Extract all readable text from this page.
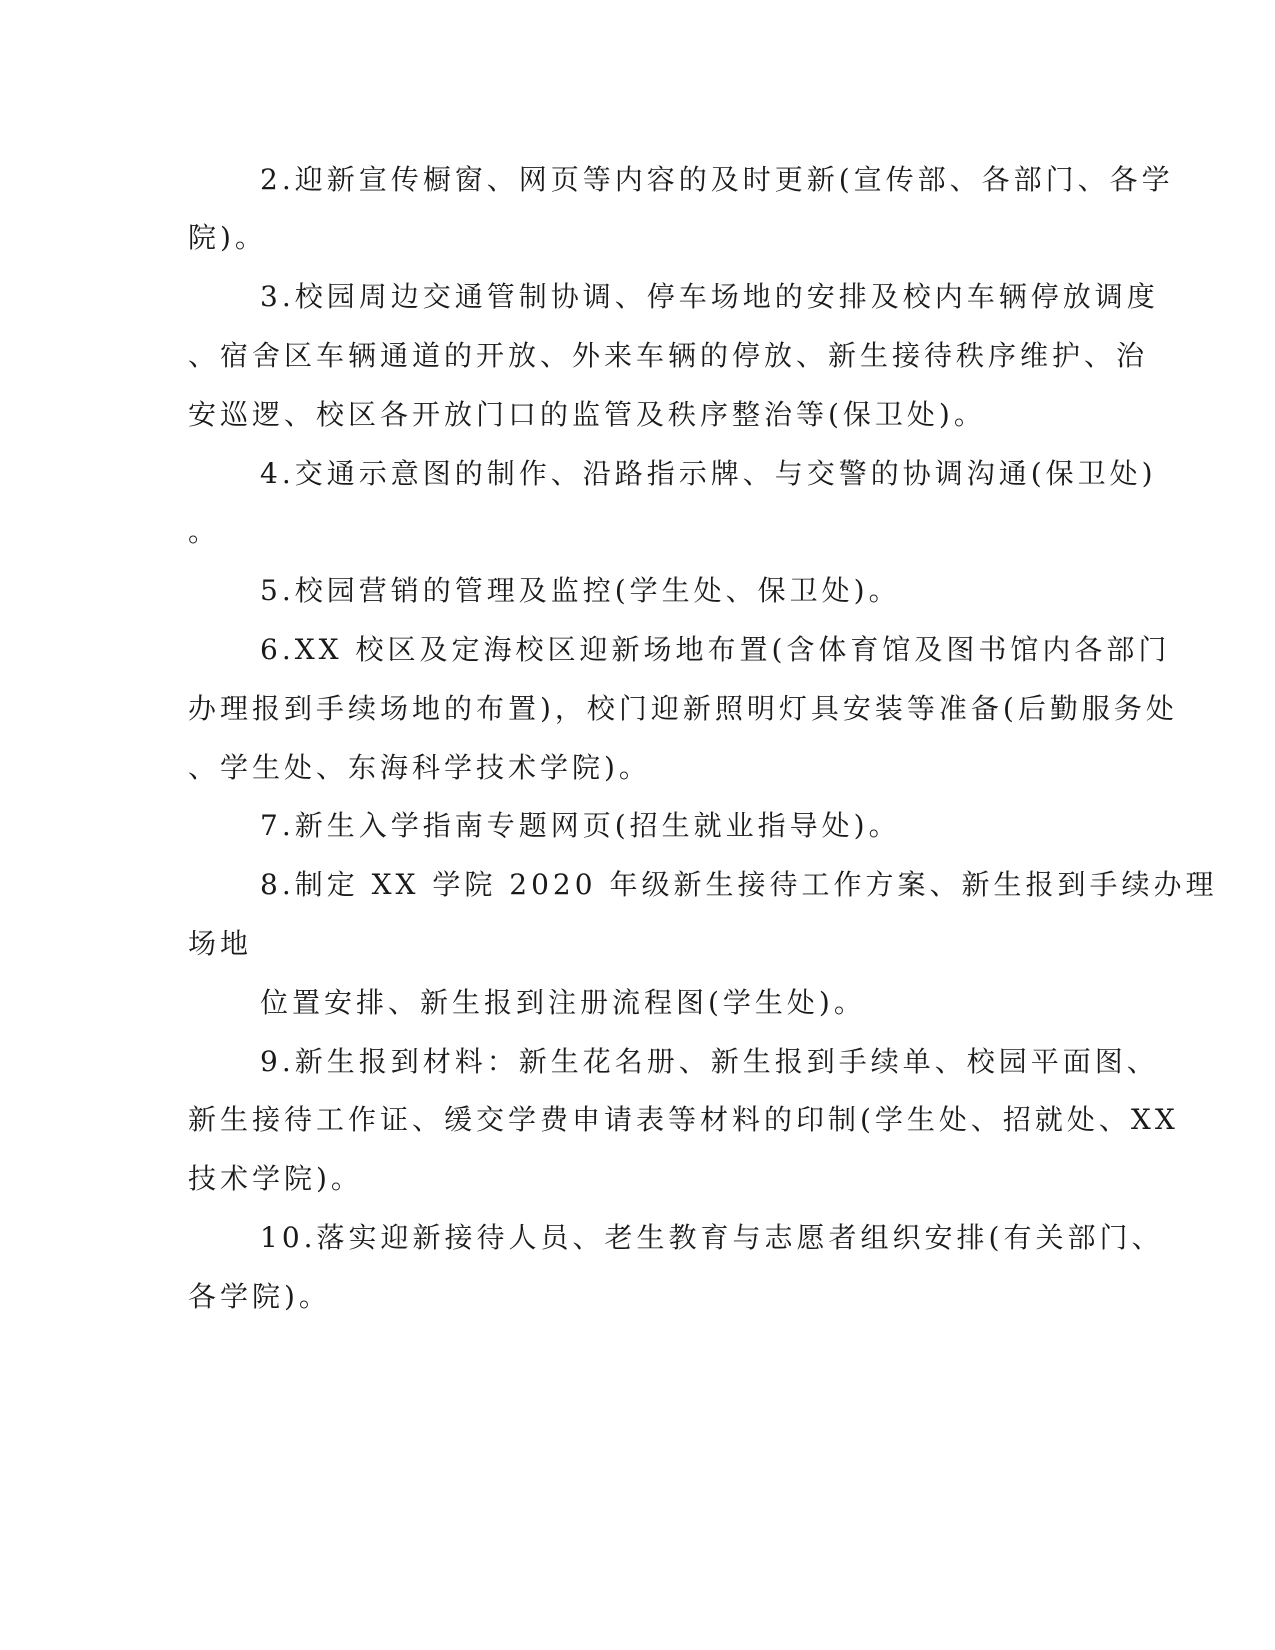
2.迎新宣传橱窗、网页等内容的及时更新(宣传部、各部门、各学
院)。
3.校园周边交通管制协调、停车场地的安排及校内车辆停放调度
、宿舍区车辆通道的开放、外来车辆的停放、新生接待秩序维护、治
安巡逻、校区各开放门口的监管及秩序整治等(保卫处)。
4.交通示意图的制作、沿路指示牌、与交警的协调沟通(保卫处)
。
5.校园营销的管理及监控(学生处、保卫处)。
6.XX 校区及定海校区迎新场地布置(含体育馆及图书馆内各部门
办理报到手续场地的布置)，校门迎新照明灯具安装等准备(后勤服务处
、学生处、东海科学技术学院)。
7.新生入学指南专题网页(招生就业指导处)。
8.制定 XX 学院 2020 年级新生接待工作方案、新生报到手续办理
场地
位置安排、新生报到注册流程图(学生处)。
9.新生报到材料：新生花名册、新生报到手续单、校园平面图、
新生接待工作证、缓交学费申请表等材料的印制(学生处、招就处、XX
技术学院)。
10.落实迎新接待人员、老生教育与志愿者组织安排(有关部门、
各学院)。
